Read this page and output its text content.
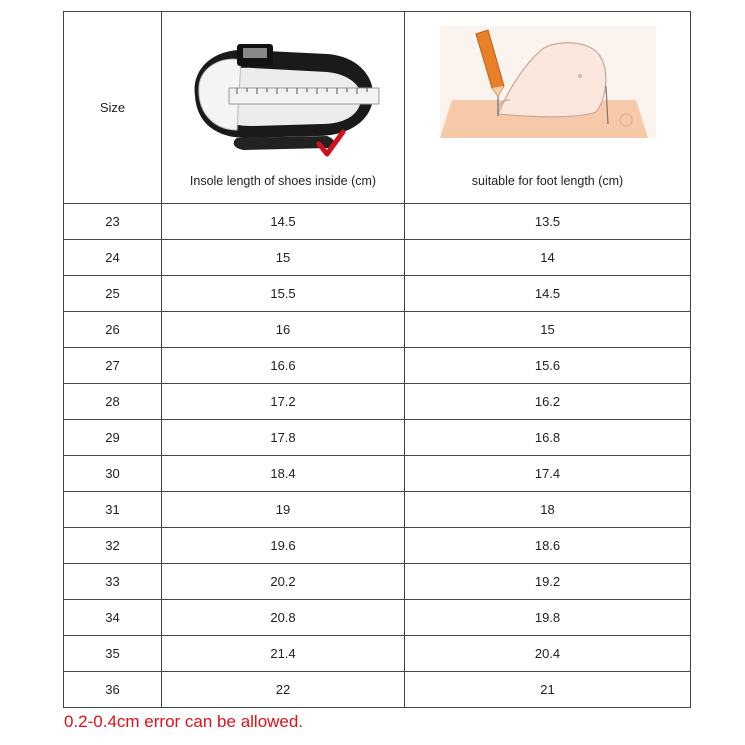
Size	Insole length of shoes inside (cm)	suitable for foot length (cm)

23	14.5	13.5
24	15	14
25	15.5	14.5
26	16	15
27	16.6	15.6
28	17.2	16.2
29	17.8	16.8
30	18.4	17.4
31	19	18
32	19.6	18.6
33	20.2	19.2
34	20.8	19.8
35	21.4	20.4
36	22	21
0.2-0.4cm error can be allowed.
